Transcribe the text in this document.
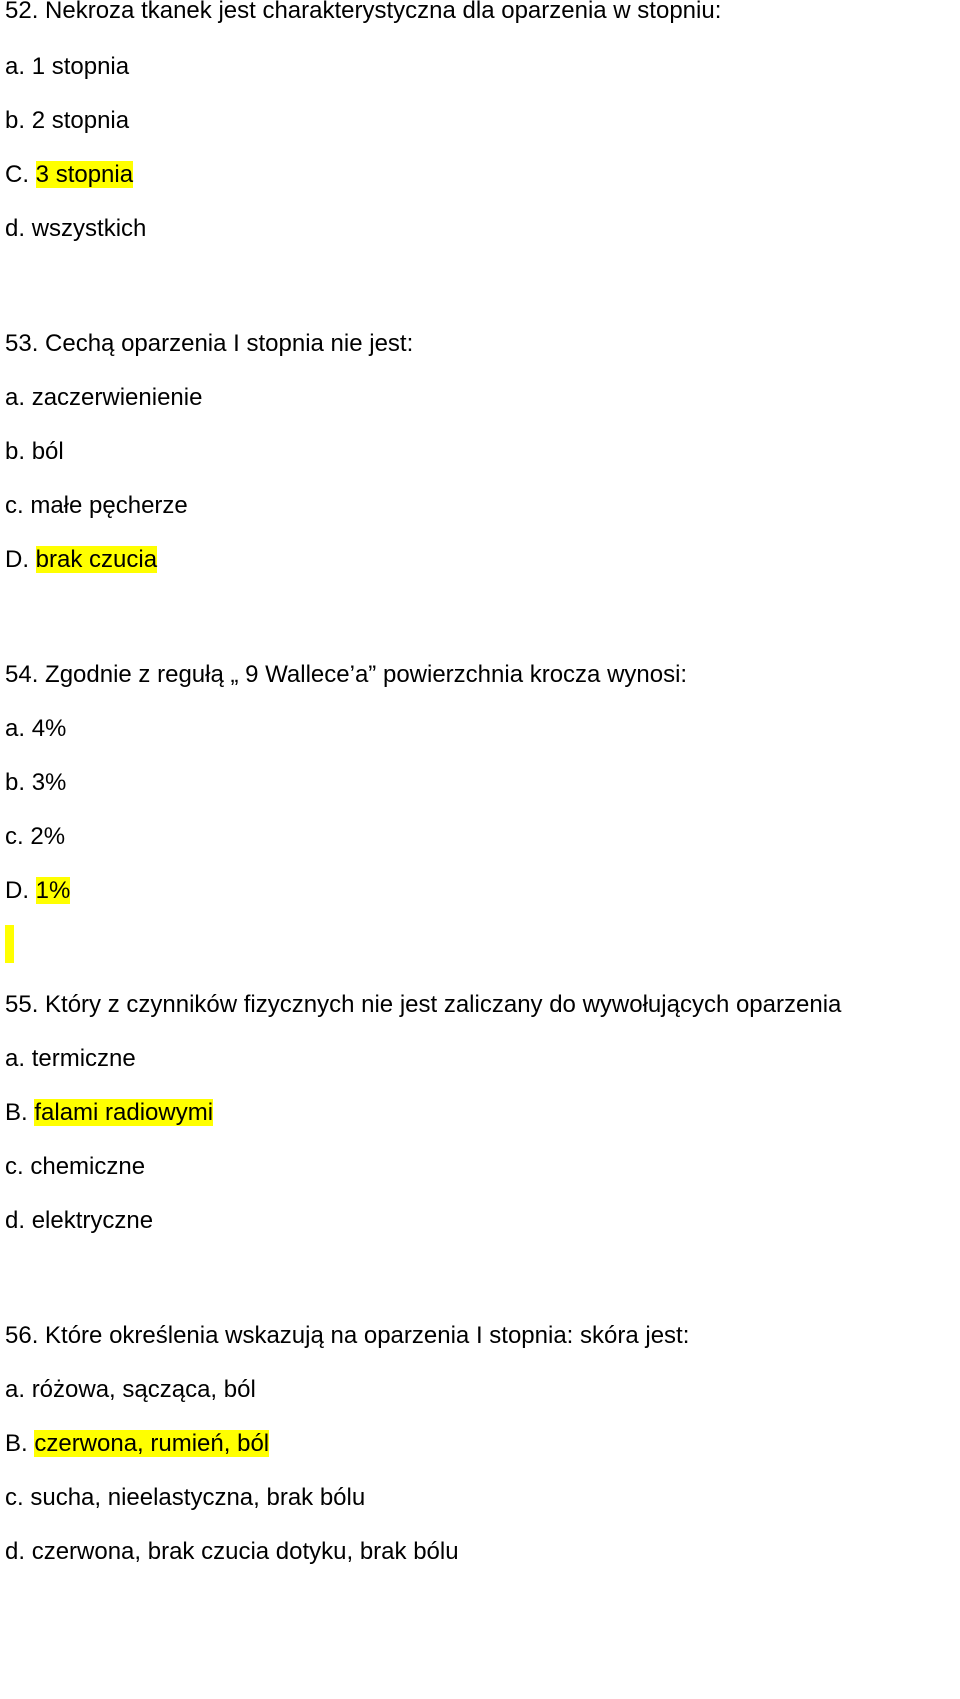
52. Nekroza tkanek jest charakterystyczna dla oparzenia w stopniu:
a. 1 stopnia
b. 2 stopnia
C. 3 stopnia
d. wszystkich
53. Cechą oparzenia I stopnia nie jest:
a. zaczerwienienie
b. ból
c. małe pęcherze
D. brak czucia
54. Zgodnie z regułą „ 9 Wallece’a” powierzchnia krocza wynosi:
a. 4%
b. 3%
c. 2%
D. 1%
55. Który z czynników fizycznych nie jest zaliczany do wywołujących oparzenia
a. termiczne
B. falami radiowymi
c. chemiczne
d. elektryczne
56. Które określenia wskazują na oparzenia I stopnia: skóra jest:
a. różowa, sącząca, ból
B. czerwona, rumień, ból
c. sucha, nieelastyczna, brak bólu
d. czerwona, brak czucia dotyku, brak bólu
